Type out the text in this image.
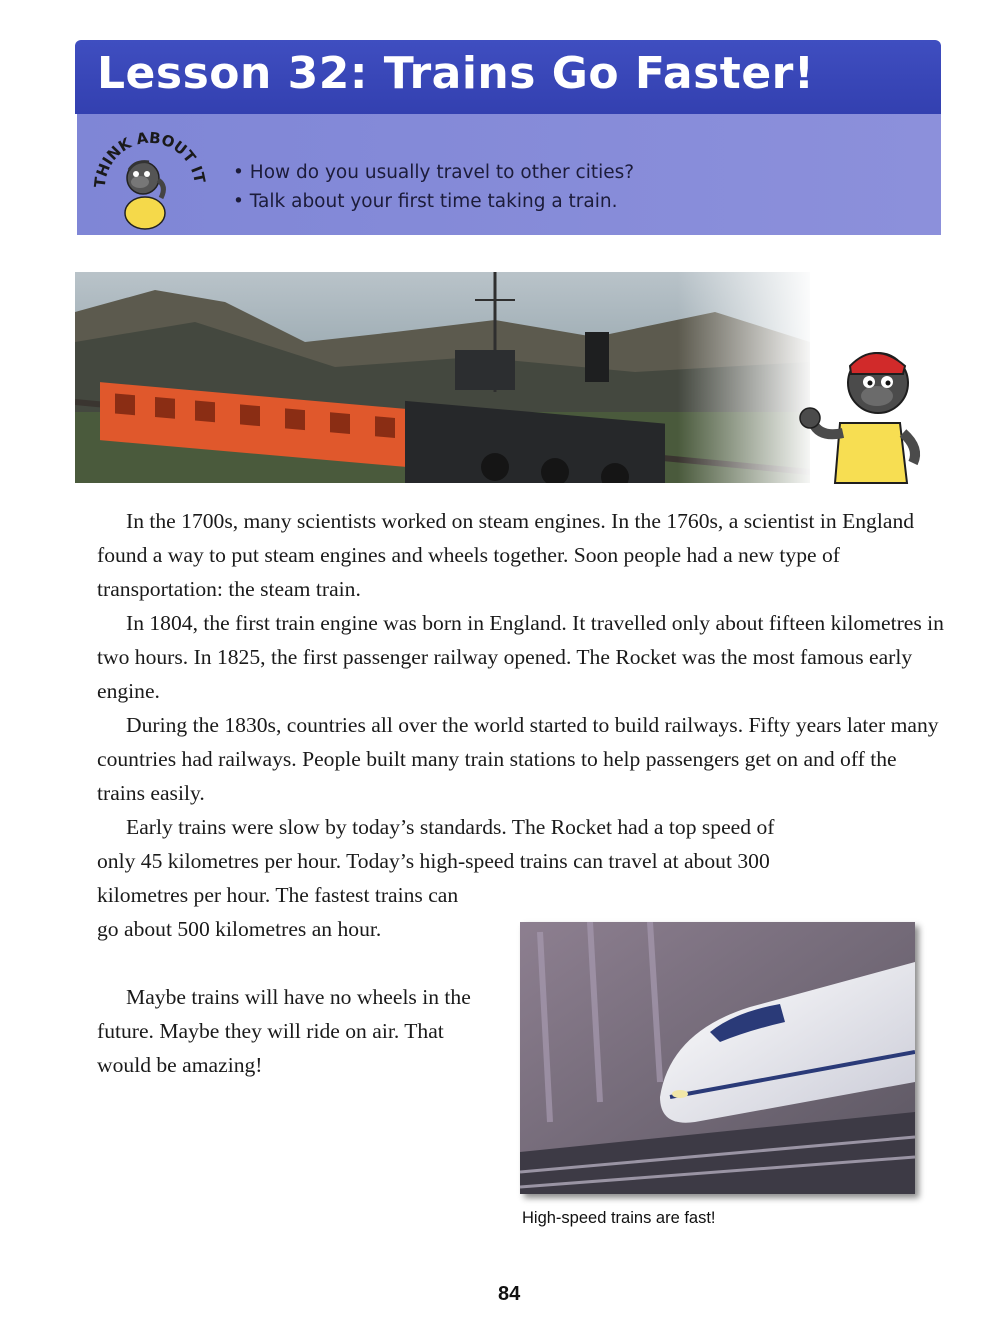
Lesson 32: Trains Go Faster!
THINK ABOUT IT • How do you usually travel to other cities?
• Talk about your first time taking a train.

In the 1700s, many scientists worked on steam engines. In the 1760s, a scientist in England found a way to put steam engines and wheels together. Soon people had a new type of transportation: the steam train.

In 1804, the first train engine was born in England. It travelled only about fifteen kilometres in two hours. In 1825, the first passenger railway opened. The Rocket was the most famous early engine.

During the 1830s, countries all over the world started to build railways. Fifty years later many countries had railways. People built many train stations to help passengers get on and off the trains easily.

Early trains were slow by today’s standards. The Rocket had a top speed of

only 45 kilometres per hour. Today’s high-speed trains can travel at about 300
kilometres per hour. The fastest trains can go about 500 kilometres an hour.
Maybe trains will have no wheels in the future. Maybe they will ride on air. That would be amazing!
High-speed trains are fast!
84
